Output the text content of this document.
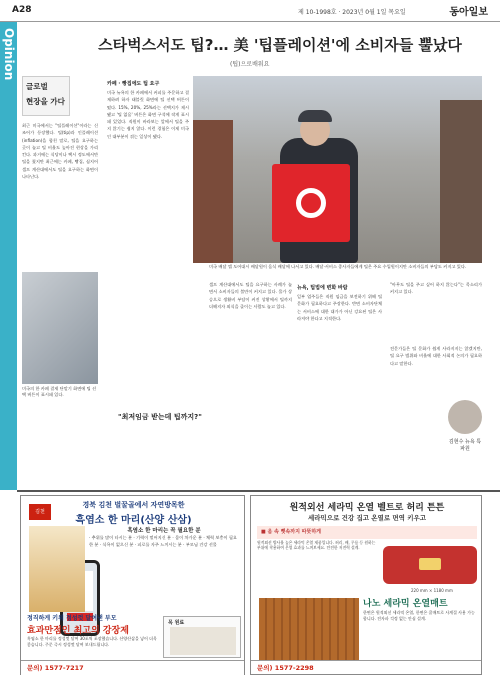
A28	제 10-1998호 · 2023년 0월 1일 목요일	동아일보
Opinion	스타벅스서도 팁?… 美 '팁플레이션'에 소비자들 뿔났다
(팁)으로배워요
글로벌
현장을 가다
최근 미국에서는 "팁플레이션"이라는 신조어가 등장했다. 팁(tip)과 인플레이션(inflation)을 합친 말로, 팁을 요구하는 곳이 늘고 팁 비율도 높아진 현상을 가리킨다. 과거에는 식당이나 택시 정도에서만 팁을 줬지만 최근에는 카페, 빵집, 심지어 셀프 계산대에서도 팁을 요구하는 화면이 나타난다.
미국의 한 카페 결제 단말기 화면에 팁 선택 버튼이 표시돼 있다.
카페 · 빵집에도 팁 요구
미국 뉴욕의 한 카페에서 커피를 주문하고 결제하려 하자 태블릿 화면에 팁 선택 버튼이 떴다. 15%, 20%, 25%라는 선택지가 제시됐고 '팁 없음' 버튼은 화면 구석에 작게 표시돼 있었다. 직원이 바라보는 앞에서 팁을 주지 않기는 쉽지 않다. 이런 경험은 이제 미국인 대부분이 겪는 일상이 됐다.
"최저임금 받는데 팁까지?"
미국 배달 앱 도어대시 배달원이 음식 배달에 나서고 있다. 배달·서비스 종사자들에게 팁은 주요 수입원이지만 소비자들의 부담도 커지고 있다.
셀프 계산대에서도 팁을 요구하는 사례가 늘면서 소비자들의 불만이 커지고 있다. 물가 상승으로 생활비 부담이 커진 상황에서 팁까지 더해지자 외식을 줄이는 사람도 늘고 있다.
뉴욕, 팁법에 변화 바람
일부 업주들은 직원 임금을 보전하기 위해 팁 문화가 필요하다고 주장한다. 반면 소비자단체는 서비스에 대한 대가가 아닌 강요된 팁은 사라져야 한다고 지적한다.
"아무도 팁을 주고 싶어 하지 않는다"는 목소리가 커지고 있다.
전문가들은 팁 문화가 쉽게 사라지지는 않겠지만, 팁 요구 범위와 비율에 대한 사회적 논의가 필요하다고 말한다.
김현수 뉴욕 특파원
김천
경북 김천 벌꿀골에서 자연방목한
흑염소 한 마리(산양 산삼)
흑염소 한 마리는 꼭 필요한 분
· 추위를 많이 타시는 분 · 기력이 떨어지신 분 · 몸이 차가운 분 · 체력 보충이 필요한 분 · 식욕이 없으신 분 · 피로를 자주 느끼시는 분 · 부모님 건강 선물
정직하게 키워 정성껏 달여낸 부모
효과만점인 최고의 강장제
흑염소 한 마리를 정성껏 달여 30포씩 포장했습니다. 산양산삼을 넣어 더욱 좋습니다. 주문 즉시 정성껏 달여 보내드립니다.
목 원료
문의) 1577-7217
원적외선 세라믹 온열 벨트로 허리 튼튼
세라믹으로 건강 집고 온열로 면역 키우고
■ 음 속 뼛속까지 따뜻하게
원적외선 방사율 높은 세라믹 온열 제품입니다. 허리, 배, 무릎 등 원하는 부위에 착용하여 온열 효과를 느껴보세요. 안전한 저전력 설계.
220 mm × 1180 mm
나노 세라믹 온열매트
한면은 원적외선 세라믹 온열, 한면은 쿨매트로 사계절 사용 가능합니다. 전자파 걱정 없는 안심 설계.
문의) 1577-2298
